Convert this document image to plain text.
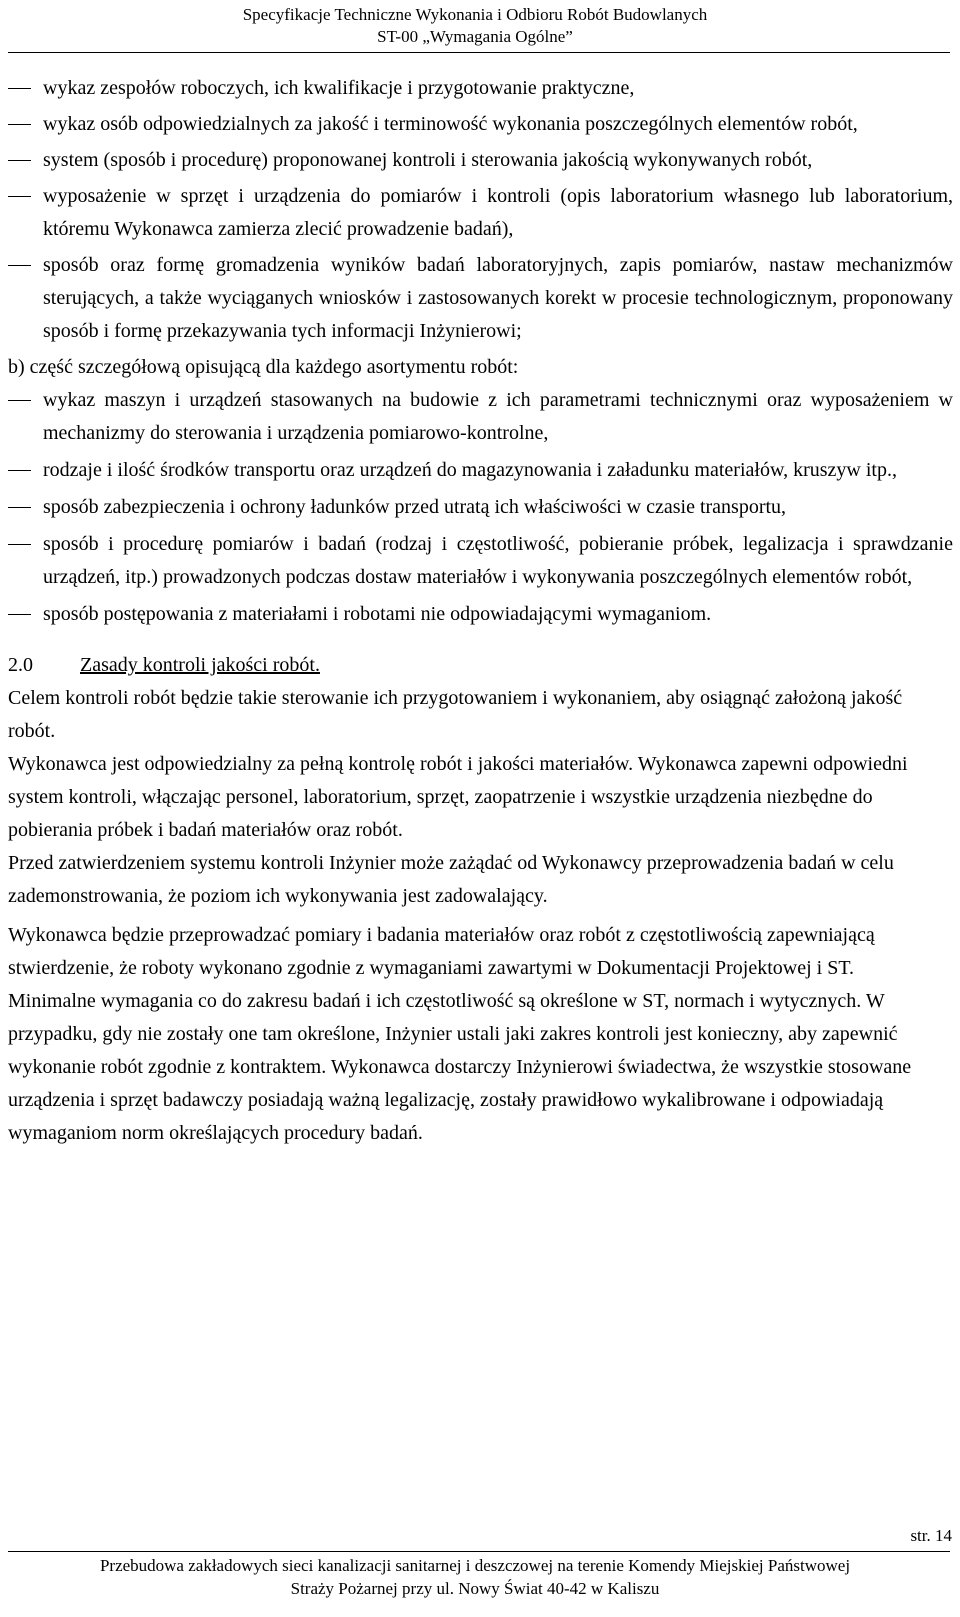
Specyfikacje Techniczne Wykonania i Odbioru Robót Budowlanych
ST-00 „Wymagania Ogólne”
wykaz zespołów roboczych, ich kwalifikacje i przygotowanie praktyczne,
wykaz osób odpowiedzialnych za jakość i terminowość wykonania poszczególnych elementów robót,
system (sposób i procedurę) proponowanej kontroli i sterowania jakością wykonywanych robót,
wyposażenie w sprzęt i urządzenia do pomiarów i kontroli (opis laboratorium własnego lub laboratorium, któremu Wykonawca zamierza zlecić prowadzenie badań),
sposób oraz formę gromadzenia wyników badań laboratoryjnych, zapis pomiarów, nastaw mechanizmów sterujących, a także wyciąganych wniosków i zastosowanych korekt w procesie technologicznym, proponowany sposób i formę przekazywania tych informacji Inżynierowi;

b) część szczegółową opisującą dla każdego asortymentu robót:

wykaz maszyn i urządzeń stasowanych na budowie z ich parametrami technicznymi oraz wyposażeniem w mechanizmy do sterowania i urządzenia pomiarowo-kontrolne,
rodzaje i ilość środków transportu oraz urządzeń do magazynowania i załadunku materiałów, kruszyw itp.,
sposób zabezpieczenia i ochrony ładunków przed utratą ich właściwości w czasie transportu,
sposób i procedurę pomiarów i badań (rodzaj i częstotliwość, pobieranie próbek, legalizacja i sprawdzanie urządzeń, itp.) prowadzonych podczas dostaw materiałów i wykonywania poszczególnych elementów robót,
sposób postępowania z materiałami i robotami nie odpowiadającymi wymaganiom.
2.0	Zasady kontroli jakości robót.

Celem kontroli robót będzie takie sterowanie ich przygotowaniem i wykonaniem, aby osiągnąć założoną jakość robót.

Wykonawca jest odpowiedzialny za pełną kontrolę robót i jakości materiałów. Wykonawca zapewni odpowiedni system kontroli, włączając personel, laboratorium, sprzęt, zaopatrzenie i wszystkie urządzenia niezbędne do pobierania próbek i badań materiałów oraz robót.

Przed zatwierdzeniem systemu kontroli Inżynier może zażądać od Wykonawcy przeprowadzenia badań w celu zademonstrowania, że poziom ich wykonywania jest zadowalający.

Wykonawca będzie przeprowadzać pomiary i badania materiałów oraz robót z częstotliwością zapewniającą stwierdzenie, że roboty wykonano zgodnie z wymaganiami zawartymi w Dokumentacji Projektowej i ST.

Minimalne wymagania co do zakresu badań i ich częstotliwość są określone w ST, normach i wytycznych. W przypadku, gdy nie zostały one tam określone, Inżynier ustali jaki zakres kontroli jest konieczny, aby zapewnić wykonanie robót zgodnie z kontraktem. Wykonawca dostarczy Inżynierowi świadectwa, że wszystkie stosowane urządzenia i sprzęt badawczy posiadają ważną legalizację, zostały prawidłowo wykalibrowane i odpowiadają wymaganiom norm określających procedury badań.

str. 14
Przebudowa zakładowych sieci kanalizacji sanitarnej i deszczowej na terenie Komendy Miejskiej Państwowej
Straży Pożarnej przy ul. Nowy Świat 40-42 w Kaliszu
